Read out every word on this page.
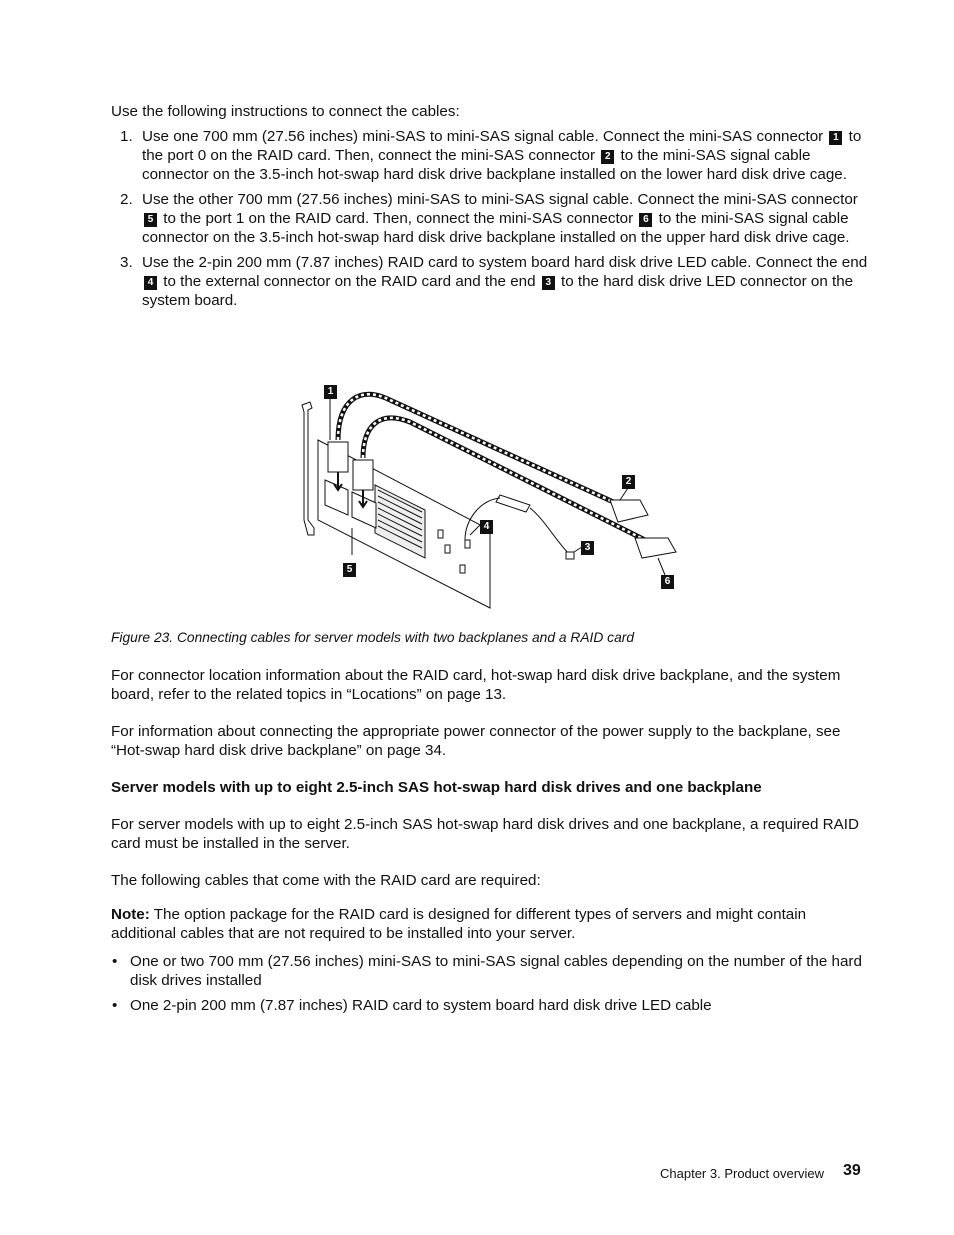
Use the following instructions to connect the cables:
1. Use one 700 mm (27.56 inches) mini-SAS to mini-SAS signal cable. Connect the mini-SAS connector 1 to the port 0 on the RAID card. Then, connect the mini-SAS connector 2 to the mini-SAS signal cable connector on the 3.5-inch hot-swap hard disk drive backplane installed on the lower hard disk drive cage.
2. Use the other 700 mm (27.56 inches) mini-SAS to mini-SAS signal cable. Connect the mini-SAS connector 5 to the port 1 on the RAID card. Then, connect the mini-SAS connector 6 to the mini-SAS signal cable connector on the 3.5-inch hot-swap hard disk drive backplane installed on the upper hard disk drive cage.
3. Use the 2-pin 200 mm (7.87 inches) RAID card to system board hard disk drive LED cable. Connect the end 4 to the external connector on the RAID card and the end 3 to the hard disk drive LED connector on the system board.
1
2
3
4
5
6
Figure 23. Connecting cables for server models with two backplanes and a RAID card
For connector location information about the RAID card, hot-swap hard disk drive backplane, and the system board, refer to the related topics in “Locations” on page 13.
For information about connecting the appropriate power connector of the power supply to the backplane, see “Hot-swap hard disk drive backplane” on page 34.
Server models with up to eight 2.5-inch SAS hot-swap hard disk drives and one backplane
For server models with up to eight 2.5-inch SAS hot-swap hard disk drives and one backplane, a required RAID card must be installed in the server.
The following cables that come with the RAID card are required:
Note: The option package for the RAID card is designed for different types of servers and might contain additional cables that are not required to be installed into your server.
• One or two 700 mm (27.56 inches) mini-SAS to mini-SAS signal cables depending on the number of the hard disk drives installed
• One 2-pin 200 mm (7.87 inches) RAID card to system board hard disk drive LED cable
Chapter 3. Product overview 39
